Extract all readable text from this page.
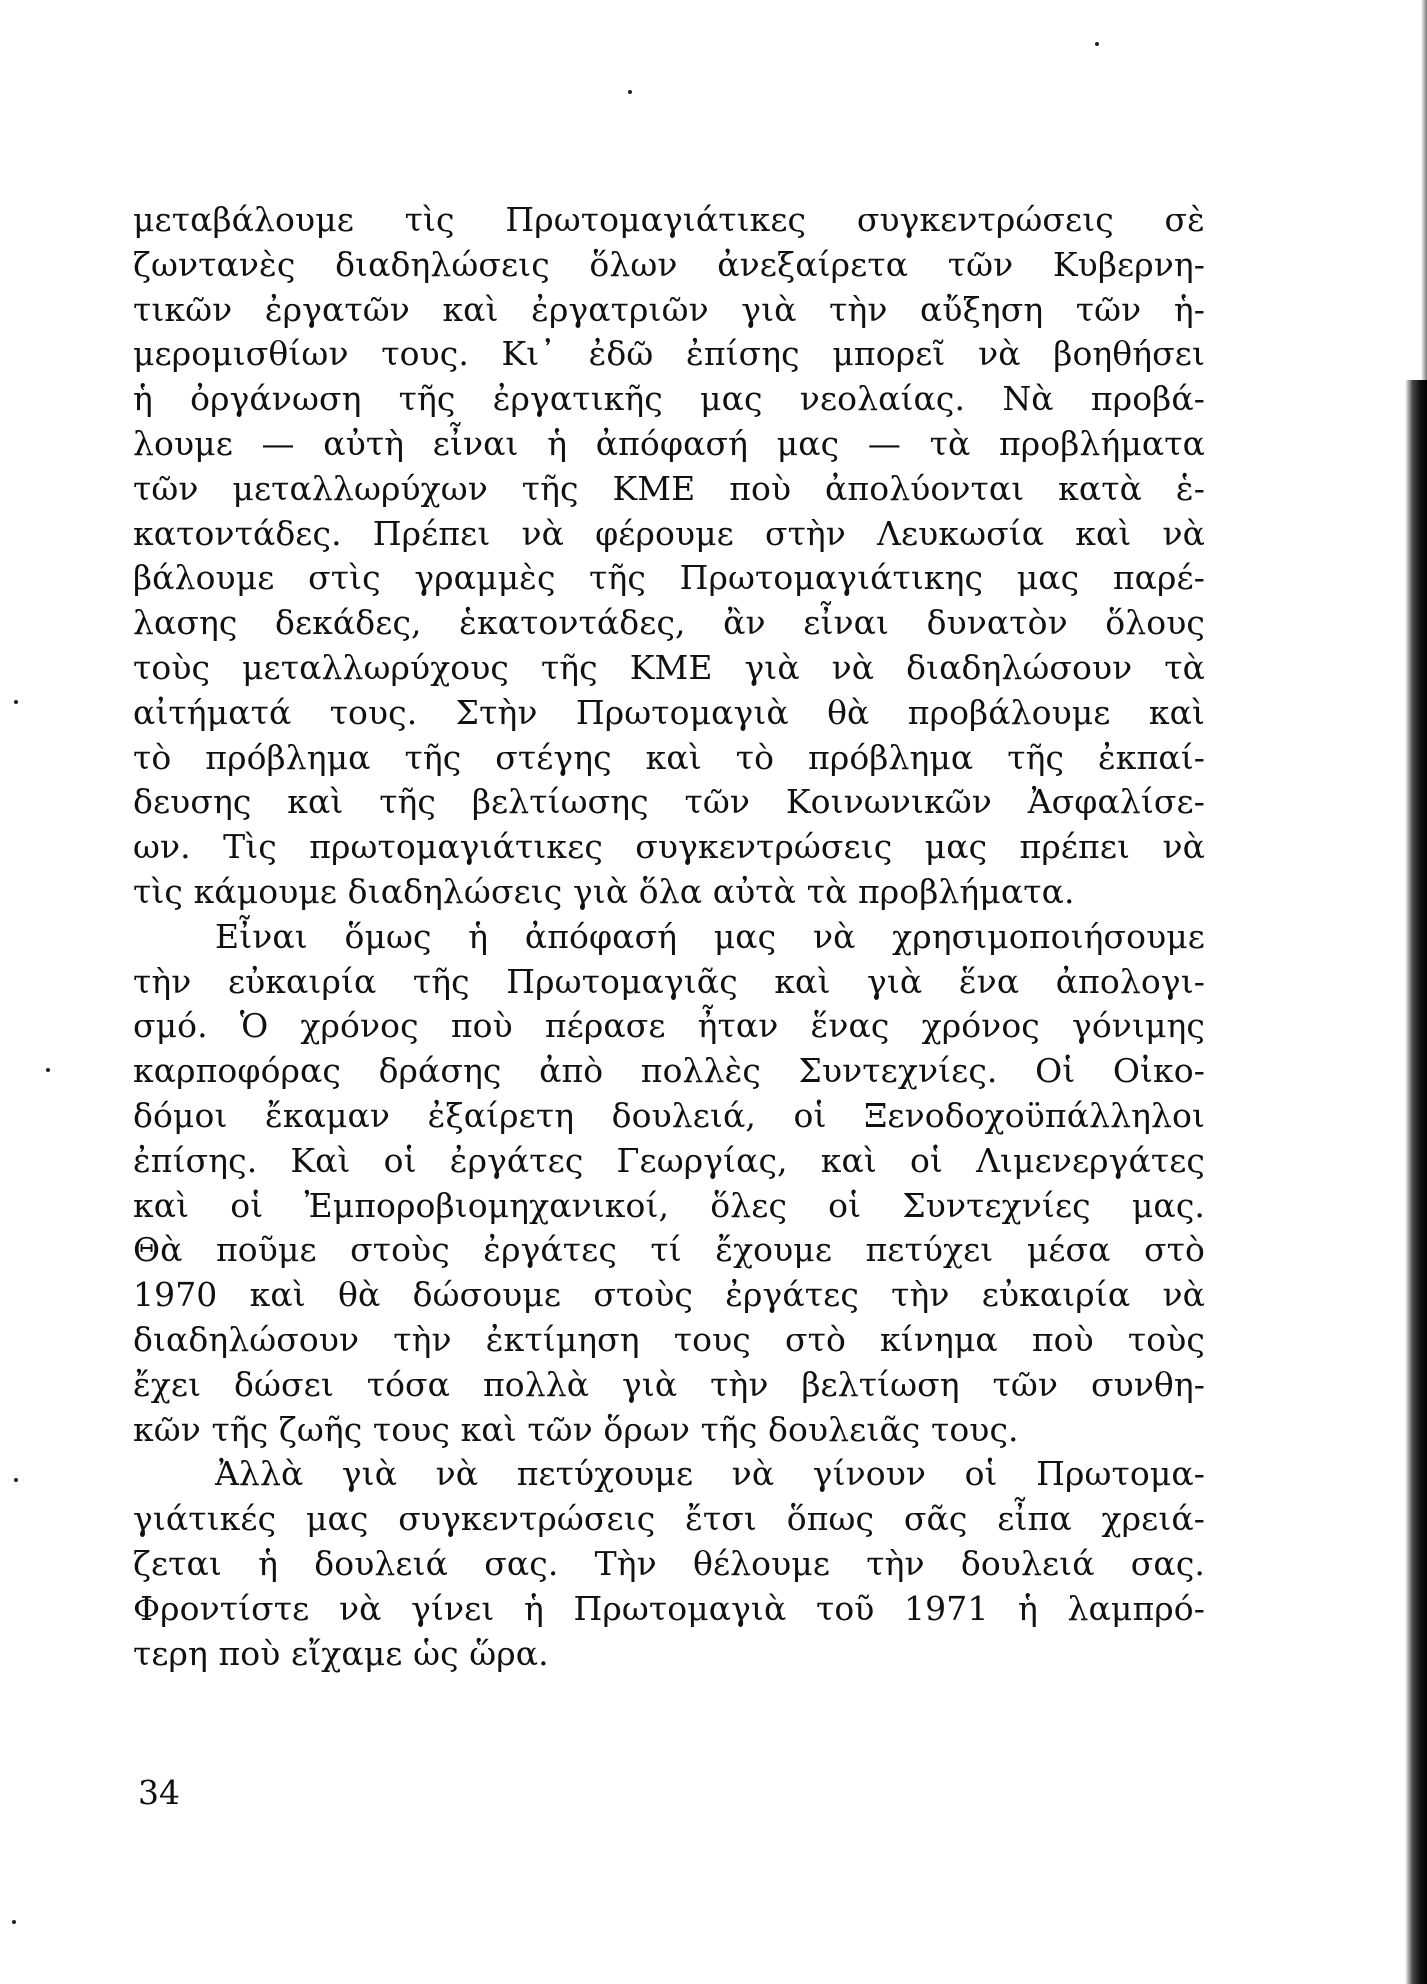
μεταβάλουμε τὶς Πρωτομαγιάτικες συγκεντρώσεις σὲ
ζωντανὲς διαδηλώσεις ὅλων ἀνεξαίρετα τῶν Κυβερνη-
τικῶν ἐργατῶν καὶ ἐργατριῶν γιὰ τὴν αὔξηση τῶν ἡ-
μερομισθίων τους. Κι᾽ ἐδῶ ἐπίσης μπορεῖ νὰ βοηθήσει
ἡ ὀργάνωση τῆς ἐργατικῆς μας νεολαίας. Νὰ προβά-
λουμε — αὐτὴ εἶναι ἡ ἀπόφασή μας — τὰ προβλήματα
τῶν μεταλλωρύχων τῆς ΚΜΕ ποὺ ἀπολύονται κατὰ ἑ-
κατοντάδες. Πρέπει νὰ φέρουμε στὴν Λευκωσία καὶ νὰ
βάλουμε στὶς γραμμὲς τῆς Πρωτομαγιάτικης μας παρέ-
λασης δεκάδες, ἑκατοντάδες, ἂν εἶναι δυνατὸν ὅλους
τοὺς μεταλλωρύχους τῆς ΚΜΕ γιὰ νὰ διαδηλώσουν τὰ
αἰτήματά τους. Στὴν Πρωτομαγιὰ θὰ προβάλουμε καὶ
τὸ πρόβλημα τῆς στέγης καὶ τὸ πρόβλημα τῆς ἐκπαί-
δευσης καὶ τῆς βελτίωσης τῶν Κοινωνικῶν Ἀσφαλίσε-
ων. Τὶς πρωτομαγιάτικες συγκεντρώσεις μας πρέπει νὰ
τὶς κάμουμε διαδηλώσεις γιὰ ὅλα αὐτὰ τὰ προβλήματα.
Εἶναι ὅμως ἡ ἀπόφασή μας νὰ χρησιμοποιήσουμε
τὴν εὐκαιρία τῆς Πρωτομαγιᾶς καὶ γιὰ ἕνα ἀπολογι-
σμό. Ὁ χρόνος ποὺ πέρασε ἦταν ἕνας χρόνος γόνιμης
καρποφόρας δράσης ἀπὸ πολλὲς Συντεχνίες. Οἱ Οἰκο-
δόμοι ἔκαμαν ἐξαίρετη δουλειά, οἱ Ξενοδοχοϋπάλληλοι
ἐπίσης. Καὶ οἱ ἐργάτες Γεωργίας, καὶ οἱ Λιμενεργάτες
καὶ οἱ Ἐμποροβιομηχανικοί, ὅλες οἱ Συντεχνίες μας.
Θὰ ποῦμε στοὺς ἐργάτες τί ἔχουμε πετύχει μέσα στὸ
1970 καὶ θὰ δώσουμε στοὺς ἐργάτες τὴν εὐκαιρία νὰ
διαδηλώσουν τὴν ἐκτίμηση τους στὸ κίνημα ποὺ τοὺς
ἔχει δώσει τόσα πολλὰ γιὰ τὴν βελτίωση τῶν συνθη-
κῶν τῆς ζωῆς τους καὶ τῶν ὅρων τῆς δουλειᾶς τους.
Ἀλλὰ γιὰ νὰ πετύχουμε νὰ γίνουν οἱ Πρωτομα-
γιάτικές μας συγκεντρώσεις ἔτσι ὅπως σᾶς εἶπα χρειά-
ζεται ἡ δουλειά σας. Τὴν θέλουμε τὴν δουλειά σας.
Φροντίστε νὰ γίνει ἡ Πρωτομαγιὰ τοῦ 1971 ἡ λαμπρό-
τερη ποὺ εἴχαμε ὡς ὥρα.
34
